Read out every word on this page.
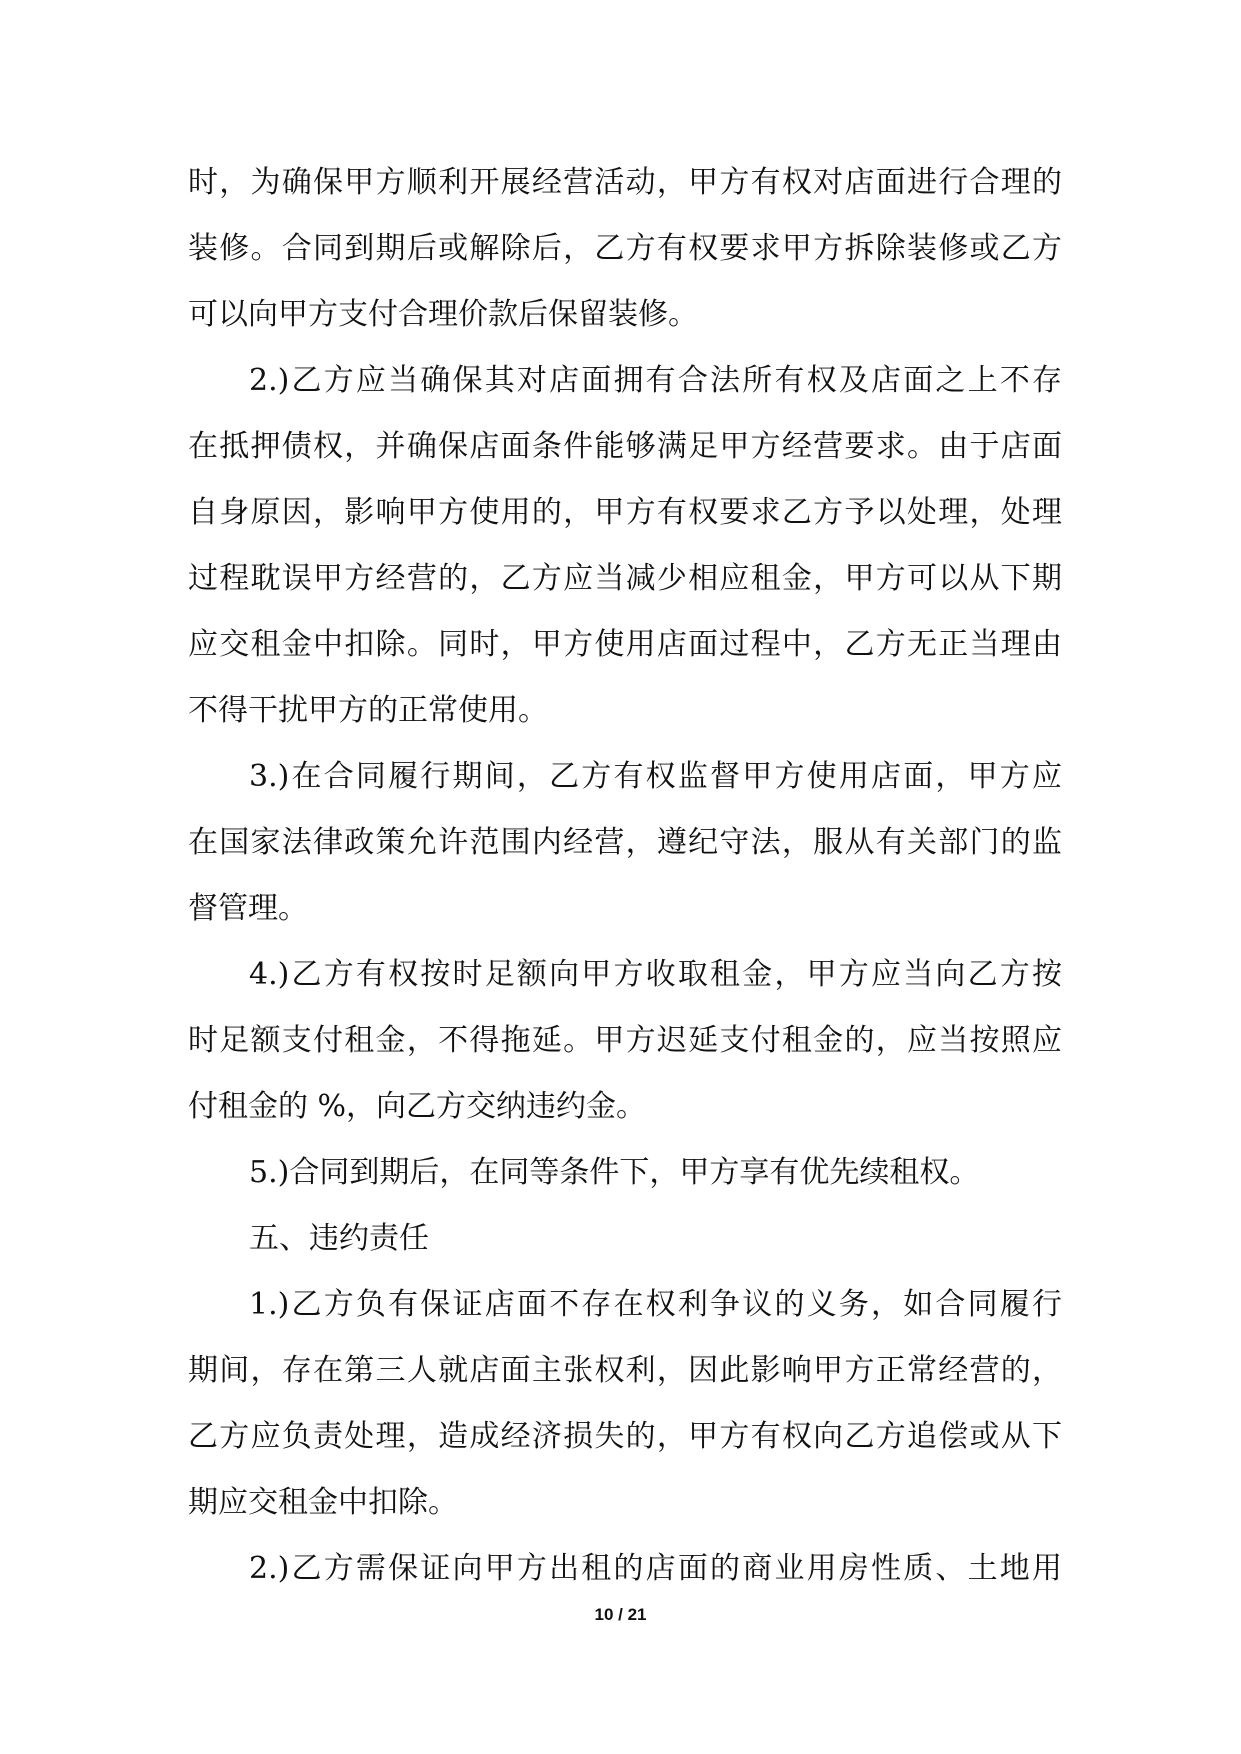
时，为确保甲方顺利开展经营活动，甲方有权对店面进行合理的
装修。合同到期后或解除后，乙方有权要求甲方拆除装修或乙方
可以向甲方支付合理价款后保留装修。
2.)乙方应当确保其对店面拥有合法所有权及店面之上不存
在抵押债权，并确保店面条件能够满足甲方经营要求。由于店面
自身原因，影响甲方使用的，甲方有权要求乙方予以处理，处理
过程耽误甲方经营的，乙方应当减少相应租金，甲方可以从下期
应交租金中扣除。同时，甲方使用店面过程中，乙方无正当理由
不得干扰甲方的正常使用。
3.)在合同履行期间，乙方有权监督甲方使用店面，甲方应
在国家法律政策允许范围内经营，遵纪守法，服从有关部门的监
督管理。
4.)乙方有权按时足额向甲方收取租金，甲方应当向乙方按
时足额支付租金，不得拖延。甲方迟延支付租金的，应当按照应
付租金的 %，向乙方交纳违约金。
5.)合同到期后，在同等条件下，甲方享有优先续租权。
五、违约责任
1.)乙方负有保证店面不存在权利争议的义务，如合同履行
期间，存在第三人就店面主张权利，因此影响甲方正常经营的，
乙方应负责处理，造成经济损失的，甲方有权向乙方追偿或从下
期应交租金中扣除。
2.)乙方需保证向甲方出租的店面的商业用房性质、土地用
10 / 21
